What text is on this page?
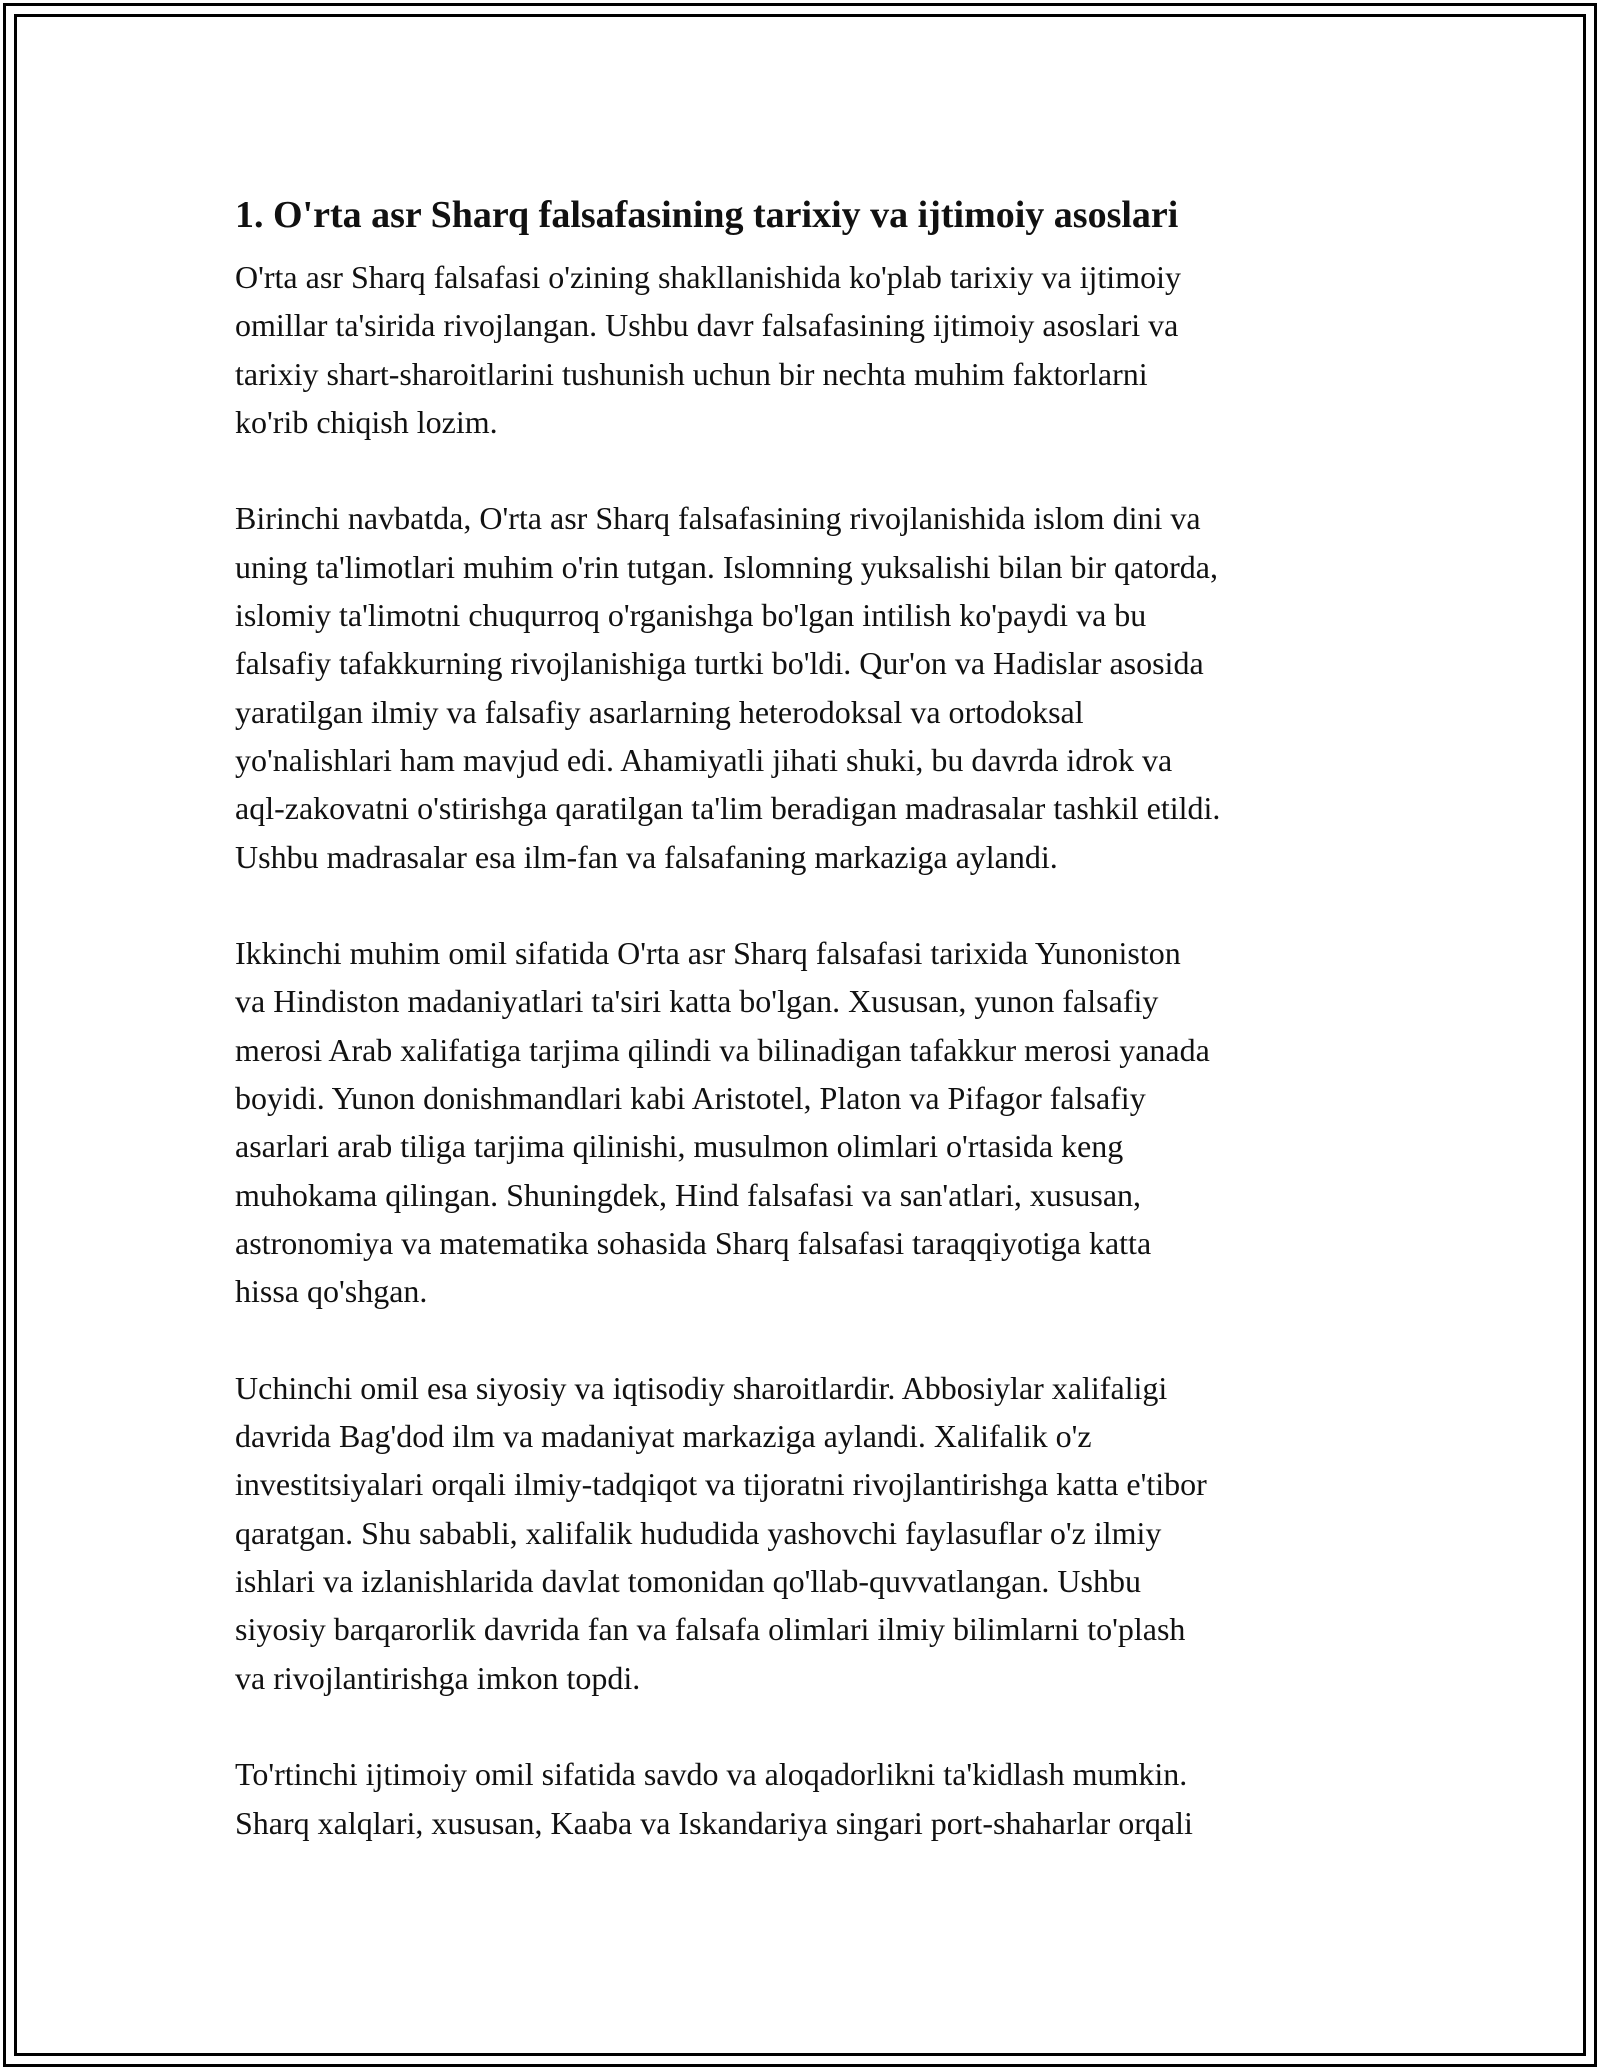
1. O'rta asr Sharq falsafasining tarixiy va ijtimoiy asoslari
O'rta asr Sharq falsafasi o'zining shakllanishida ko'plab tarixiy va ijtimoiy
omillar ta'sirida rivojlangan. Ushbu davr falsafasining ijtimoiy asoslari va
tarixiy shart-sharoitlarini tushunish uchun bir nechta muhim faktorlarni
ko'rib chiqish lozim.
Birinchi navbatda, O'rta asr Sharq falsafasining rivojlanishida islom dini va
uning ta'limotlari muhim o'rin tutgan. Islomning yuksalishi bilan bir qatorda,
islomiy ta'limotni chuqurroq o'rganishga bo'lgan intilish ko'paydi va bu
falsafiy tafakkurning rivojlanishiga turtki bo'ldi. Qur'on va Hadislar asosida
yaratilgan ilmiy va falsafiy asarlarning heterodoksal va ortodoksal
yo'nalishlari ham mavjud edi. Ahamiyatli jihati shuki, bu davrda idrok va
aql-zakovatni o'stirishga qaratilgan ta'lim beradigan madrasalar tashkil etildi.
Ushbu madrasalar esa ilm-fan va falsafaning markaziga aylandi.
Ikkinchi muhim omil sifatida O'rta asr Sharq falsafasi tarixida Yunoniston
va Hindiston madaniyatlari ta'siri katta bo'lgan. Xususan, yunon falsafiy
merosi Arab xalifatiga tarjima qilindi va bilinadigan tafakkur merosi yanada
boyidi. Yunon donishmandlari kabi Aristotel, Platon va Pifagor falsafiy
asarlari arab tiliga tarjima qilinishi, musulmon olimlari o'rtasida keng
muhokama qilingan. Shuningdek, Hind falsafasi va san'atlari, xususan,
astronomiya va matematika sohasida Sharq falsafasi taraqqiyotiga katta
hissa qo'shgan.
Uchinchi omil esa siyosiy va iqtisodiy sharoitlardir. Abbosiylar xalifaligi
davrida Bag'dod ilm va madaniyat markaziga aylandi. Xalifalik o'z
investitsiyalari orqali ilmiy-tadqiqot va tijoratni rivojlantirishga katta e'tibor
qaratgan. Shu sababli, xalifalik hududida yashovchi faylasuflar o'z ilmiy
ishlari va izlanishlarida davlat tomonidan qo'llab-quvvatlangan. Ushbu
siyosiy barqarorlik davrida fan va falsafa olimlari ilmiy bilimlarni to'plash
va rivojlantirishga imkon topdi.
To'rtinchi ijtimoiy omil sifatida savdo va aloqadorlikni ta'kidlash mumkin.
Sharq xalqlari, xususan, Kaaba va Iskandariya singari port-shaharlar orqali
